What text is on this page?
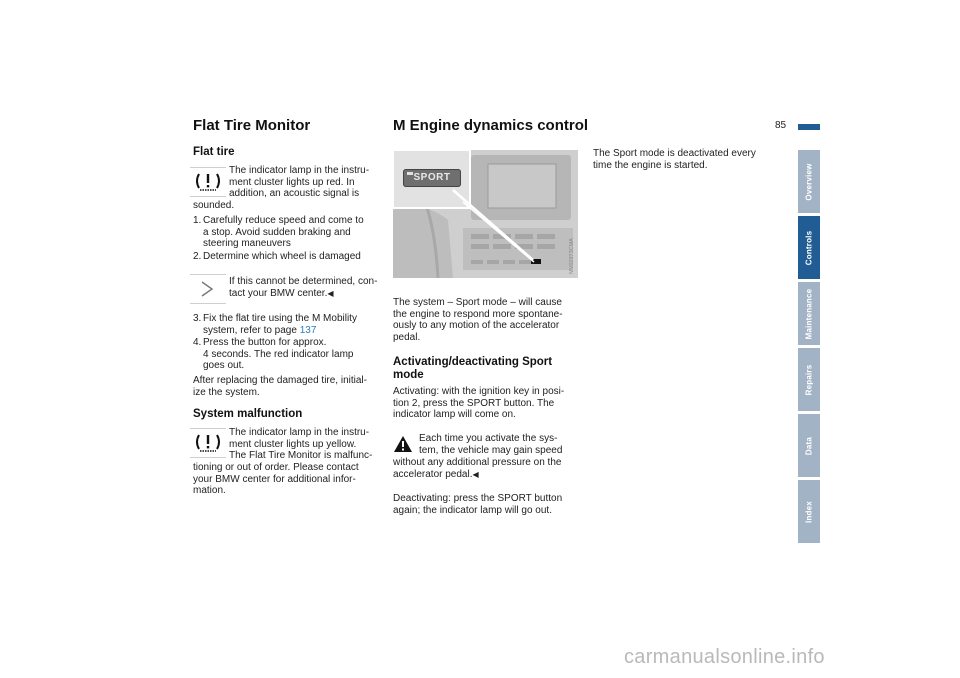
85
Flat Tire Monitor
Flat tire

The indicator lamp in the instru-

ment cluster lights up red. In

addition, an acoustic signal is

sounded.

1. Carefully reduce speed and come to

a stop. Avoid sudden braking and

steering maneuvers

2. Determine which wheel is damaged

If this cannot be determined, con-

tact your BMW center.◀

3. Fix the flat tire using the M Mobility

system, refer to page 137

4. Press the button for approx.

4 seconds. The red indicator lamp

goes out.

After replacing the damaged tire, initial-

ize the system.

System malfunction

The indicator lamp in the instru-

ment cluster lights up yellow.

The Flat Tire Monitor is malfunc-

tioning or out of order. Please contact

your BMW center for additional infor-

mation.

M Engine dynamics control
SPORT
MV02973CMA

The system – Sport mode – will cause

the engine to respond more spontane-

ously to any motion of the accelerator

pedal.

Activating/deactivating Sport
mode

Activating: with the ignition key in posi-

tion 2, press the SPORT button. The

indicator lamp will come on.

Each time you activate the sys-

tem, the vehicle may gain speed

without any additional pressure on the

accelerator pedal.◀

Deactivating: press the SPORT button

again; the indicator lamp will go out.

The Sport mode is deactivated every

time the engine is started.	Overview
Controls
Maintenance
Repairs
Data
Index
carmanualsonline.info
